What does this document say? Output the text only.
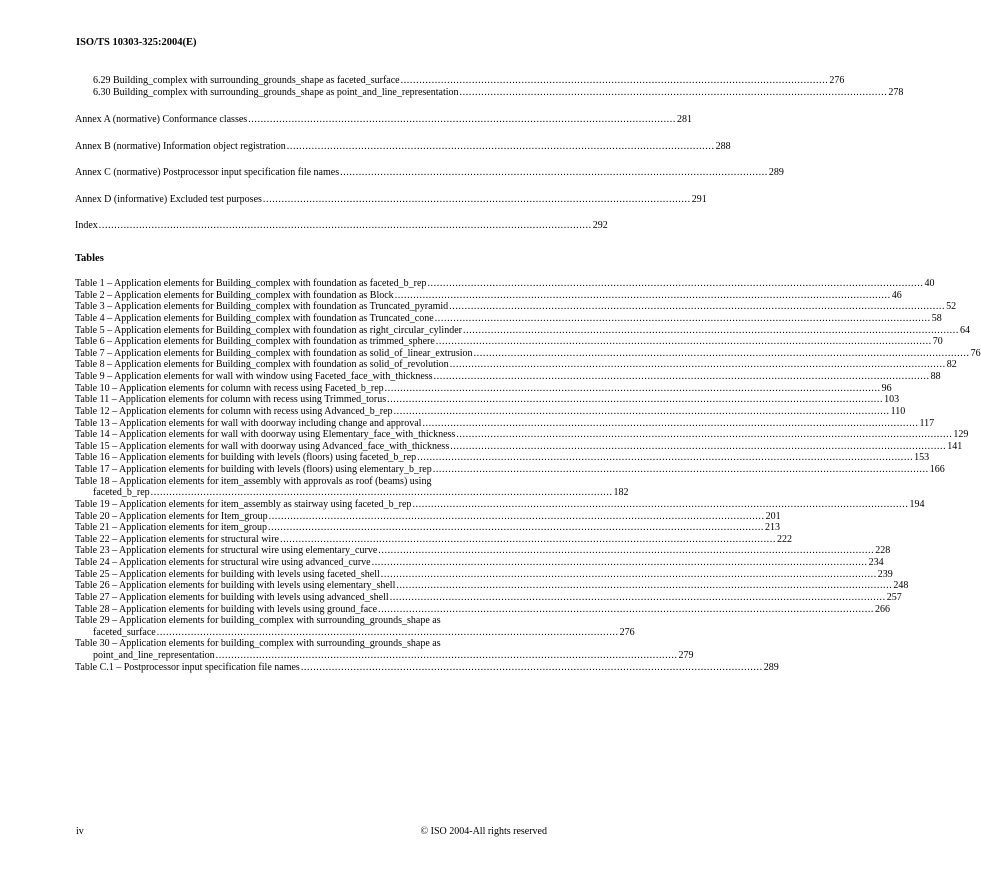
ISO/TS 10303-325:2004(E)
6.29 Building_complex with surrounding_grounds_shape as faceted_surface .......................................................................................................................................... 276
6.30 Building_complex with surrounding_grounds_shape as point_and_line_representation .......................................................................................................................................... 278
Annex A (normative) Conformance classes .......................................................................................................................................... 281
Annex B (normative) Information object registration .......................................................................................................................................... 288
Annex C (normative) Postprocessor input specification file names .......................................................................................................................................... 289
Annex D (informative) Excluded test purposes .......................................................................................................................................... 291
Index ............................................................................................................................................................... 292
Tables
Table 1 – Application elements for Building_complex with foundation as faceted_b_rep ................................................................................................................................................................ 40
Table 2 – Application elements for Building_complex with foundation as Block ................................................................................................................................................................ 46
Table 3 – Application elements for Building_complex with foundation as Truncated_pyramid ................................................................................................................................................................ 52
Table 4 – Application elements for Building_complex with foundation as Truncated_cone ................................................................................................................................................................ 58
Table 5 – Application elements for Building_complex with foundation as right_circular_cylinder ................................................................................................................................................................ 64
Table 6 – Application elements for Building_complex with foundation as trimmed_sphere ................................................................................................................................................................ 70
Table 7 – Application elements for Building_complex with foundation as solid_of_linear_extrusion ................................................................................................................................................................ 76
Table 8 – Application elements for Building_complex with foundation as solid_of_revolution ................................................................................................................................................................ 82
Table 9 – Application elements for wall with window using Faceted_face_with_thickness ................................................................................................................................................................ 88
Table 10 – Application elements for column with recess using Faceted_b_rep ................................................................................................................................................................ 96
Table 11 – Application elements for column with recess using Trimmed_torus ................................................................................................................................................................ 103
Table 12 – Application elements for column with recess using Advanced_b_rep ................................................................................................................................................................ 110
Table 13 – Application elements for wall with doorway including change and approval ................................................................................................................................................................ 117
Table 14 – Application elements for wall with doorway using Elementary_face_with_thickness ................................................................................................................................................................ 129
Table 15 – Application elements for wall with doorway using Advanced_face_with_thickness ................................................................................................................................................................ 141
Table 16 – Application elements for building with levels (floors) using faceted_b_rep ................................................................................................................................................................ 153
Table 17 – Application elements for building with levels (floors) using elementary_b_rep ................................................................................................................................................................ 166
Table 18 – Application elements for item_assembly with approvals as roof (beams) using
faceted_b_rep ..................................................................................................................................................... 182
Table 19 – Application elements for item_assembly as stairway using faceted_b_rep ................................................................................................................................................................ 194
Table 20 – Application elements for Item_group ................................................................................................................................................................ 201
Table 21 – Application elements for item_group ................................................................................................................................................................ 213
Table 22 – Application elements for structural wire ................................................................................................................................................................ 222
Table 23 – Application elements for structural wire using elementary_curve ................................................................................................................................................................ 228
Table 24 – Application elements for structural wire using advanced_curve ................................................................................................................................................................ 234
Table 25 – Application elements for building with levels using faceted_shell ................................................................................................................................................................ 239
Table 26 – Application elements for building with levels using elementary_shell ................................................................................................................................................................ 248
Table 27 – Application elements for building with levels using advanced_shell ................................................................................................................................................................ 257
Table 28 – Application elements for building with levels using ground_face ................................................................................................................................................................ 266
Table 29 – Application elements for building_complex with surrounding_grounds_shape as
faceted_surface ..................................................................................................................................................... 276
Table 30 – Application elements for building_complex with surrounding_grounds_shape as
point_and_line_representation ..................................................................................................................................................... 279
Table C.1 – Postprocessor input specification file names ..................................................................................................................................................... 289
iv	© ISO 2004-All rights reserved
